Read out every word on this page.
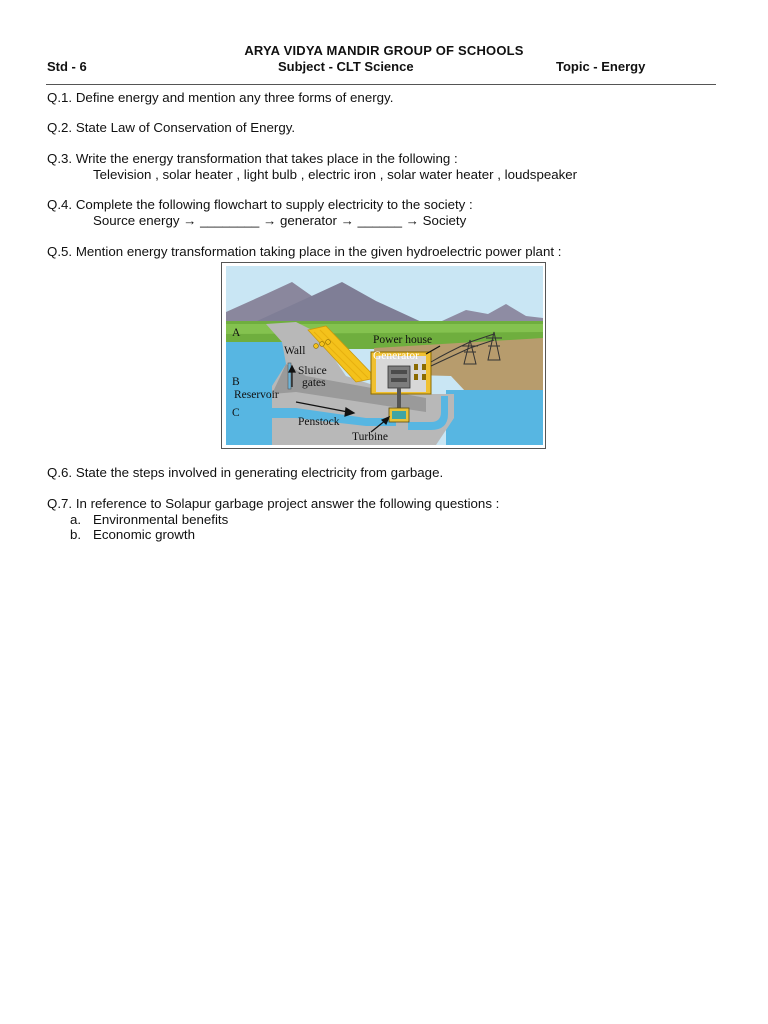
ARYA VIDYA MANDIR GROUP OF SCHOOLS
Std - 6	Subject - CLT Science	Topic - Energy
Q.1. Define energy and mention any three forms of energy.
Q.2. State Law of Conservation of Energy.
Q.3. Write the energy transformation that takes place in the following :
Television , solar heater , light bulb , electric iron , solar water heater , loudspeaker
Q.4. Complete the following flowchart to supply electricity to the society :
Source energy → ________ → generator → ______ → Society
Q.5. Mention energy transformation taking place in the given hydroelectric power plant :
A
B
C
Wall
Power house
Generator
Sluice
gates
Reservoir
Penstock
Turbine
Q.6. State the steps involved in generating electricity from garbage.
Q.7. In reference to Solapur garbage project answer the following questions :
a. Environmental benefits
b. Economic growth
